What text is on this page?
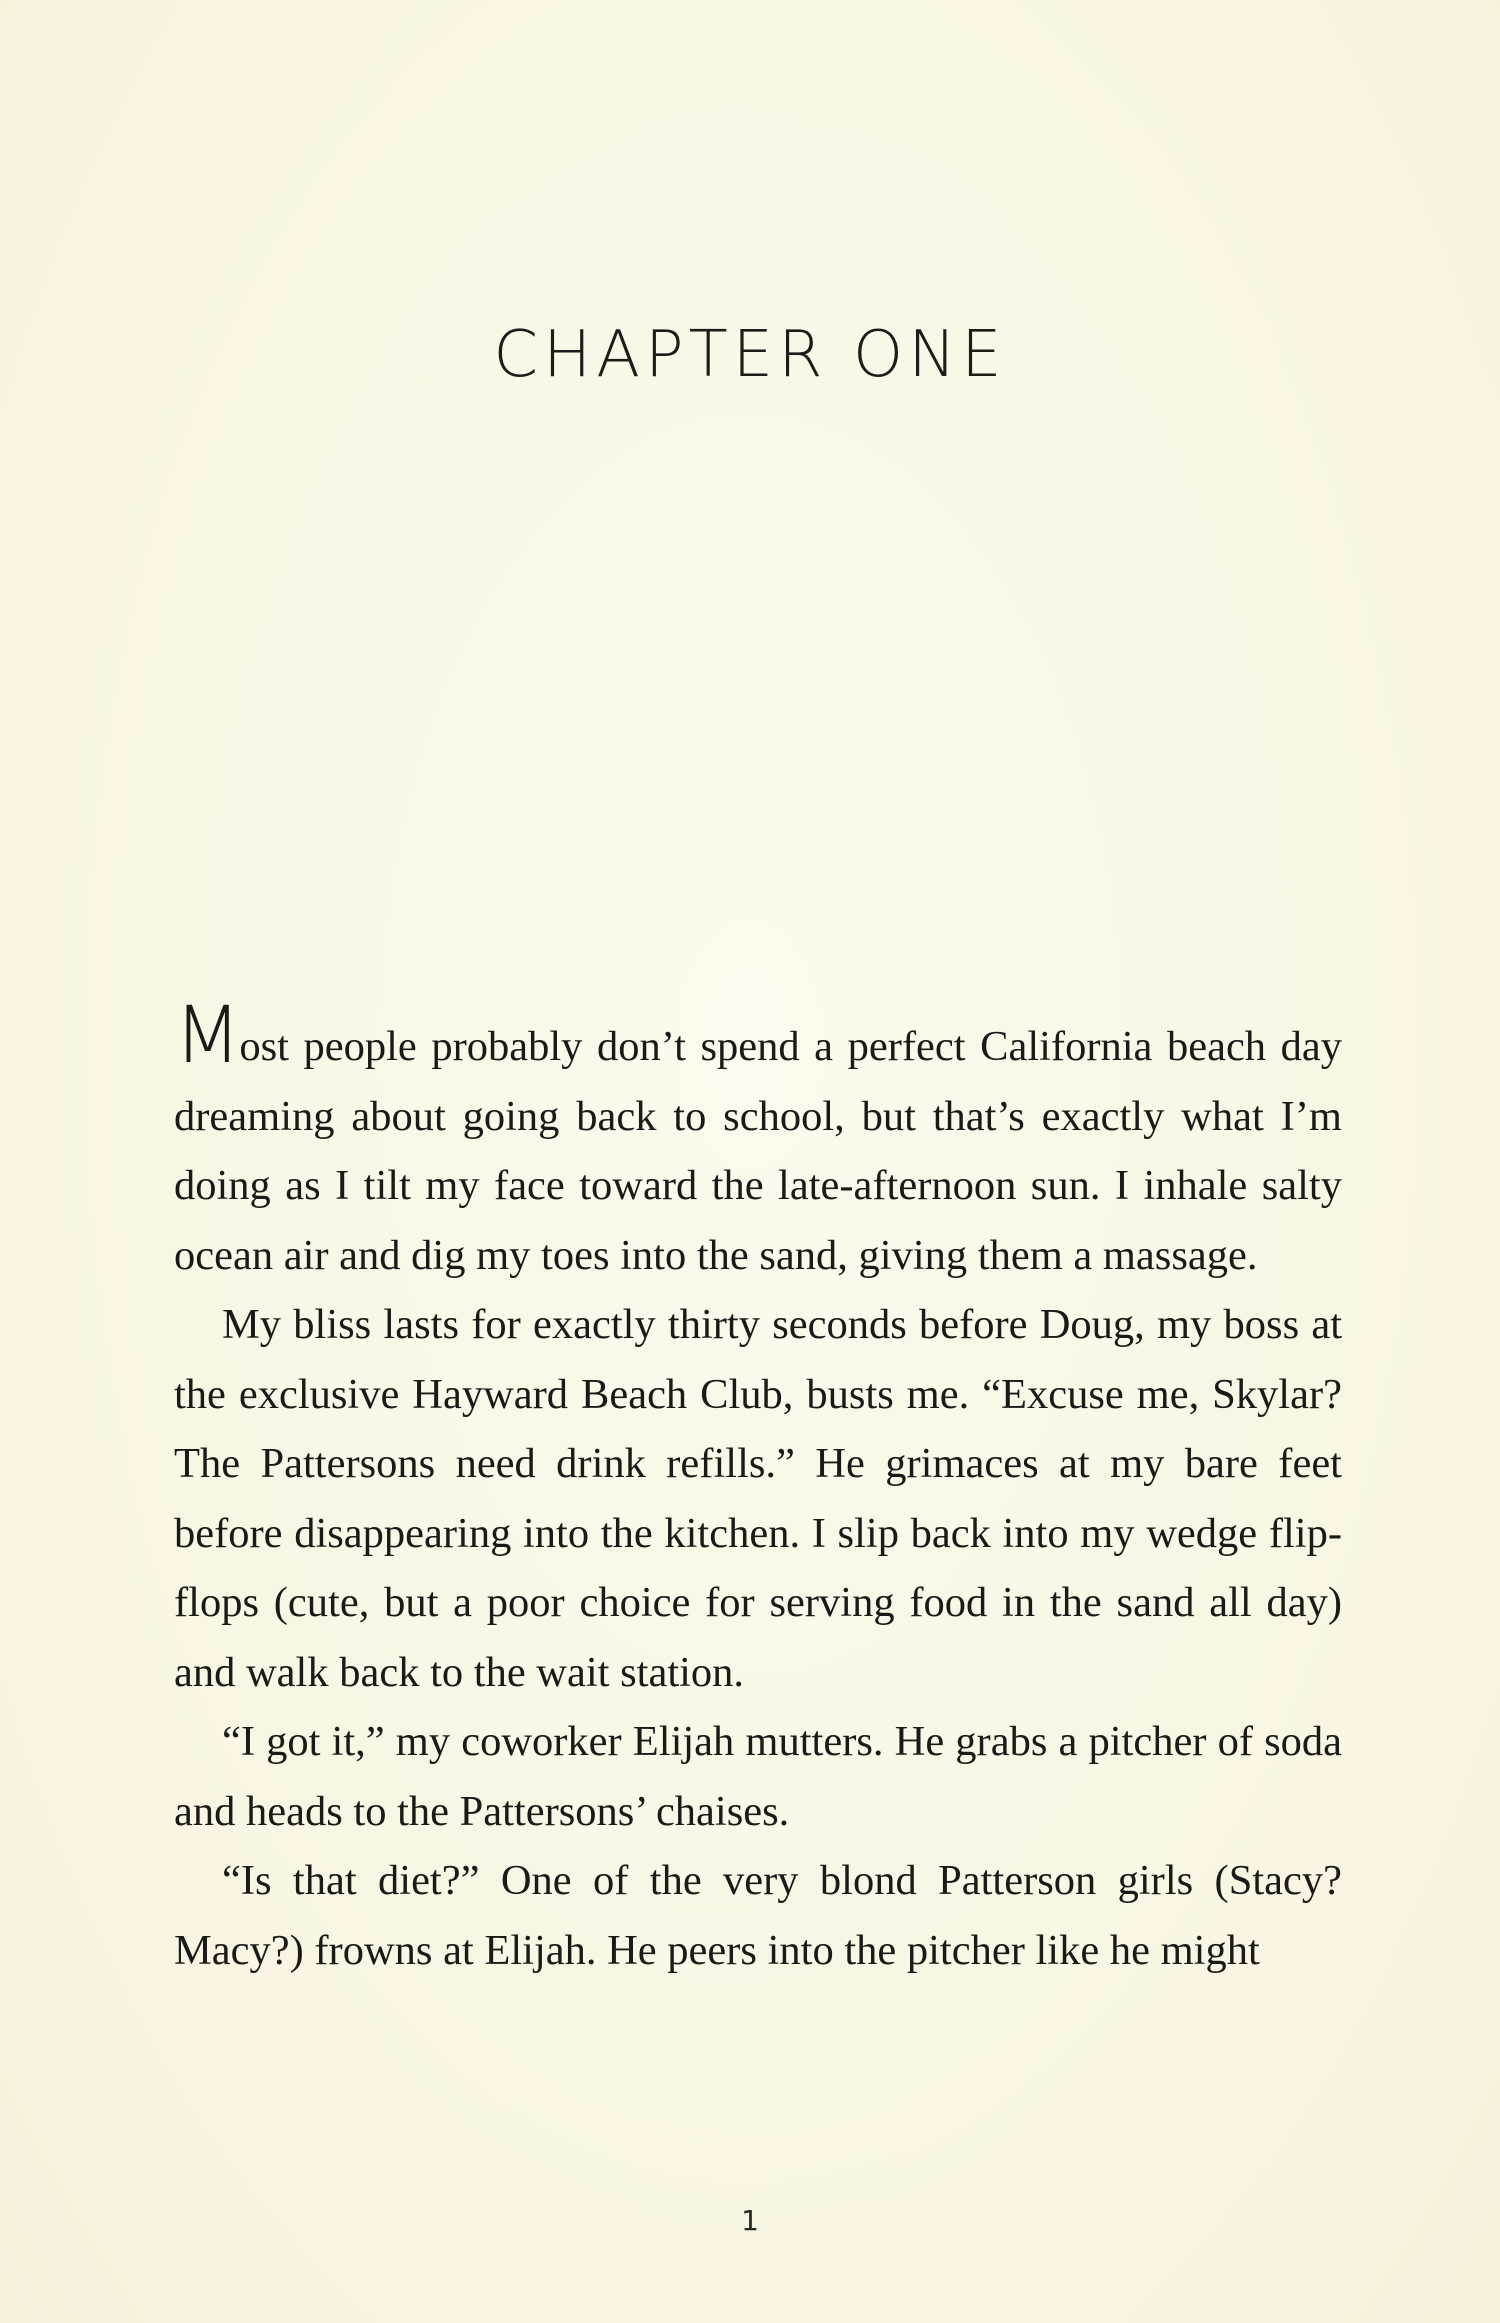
CHAPTER ONE

Most people probably don’t spend a perfect California beach day dreaming about going back to school, but that’s exactly what I’m doing as I tilt my face toward the late-afternoon sun. I inhale salty ocean air and dig my toes into the sand, giving them a massage.

My bliss lasts for exactly thirty seconds before Doug, my boss at the exclusive Hayward Beach Club, busts me. “Excuse me, Skylar? The Pattersons need drink refills.” He grimaces at my bare feet before disappearing into the kitchen. I slip back into my wedge flip-flops (cute, but a poor choice for serving food in the sand all day) and walk back to the wait station.

“I got it,” my coworker Elijah mutters. He grabs a pitcher of soda and heads to the Pattersons’ chaises.

“Is that diet?” One of the very blond Patterson girls (Stacy? Macy?) frowns at Elijah. He peers into the pitcher like he might

1
